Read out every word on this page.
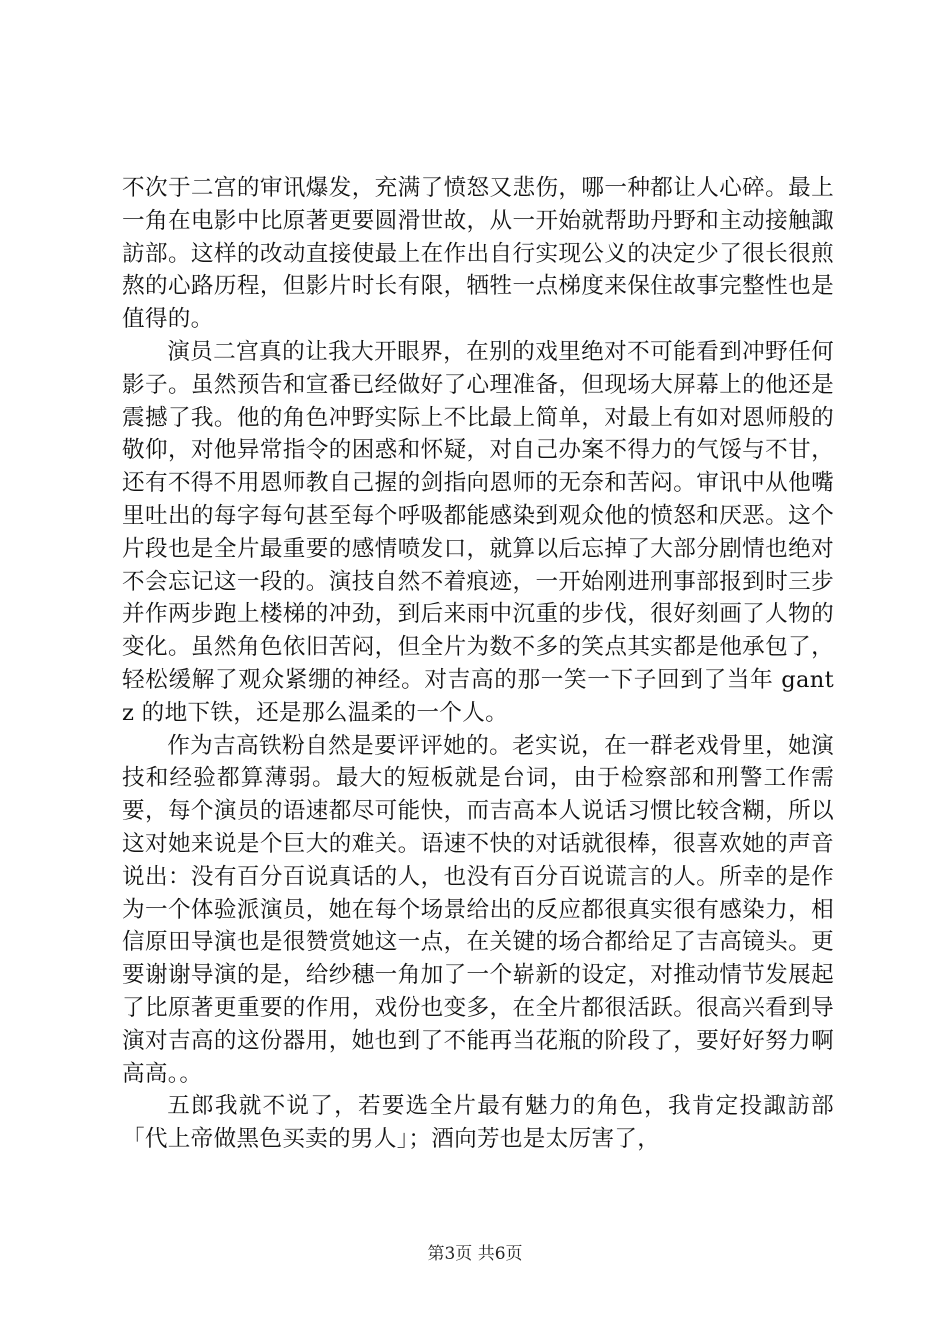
不次于二宫的审讯爆发，充满了愤怒又悲伤，哪一种都让人心碎。最上一角在电影中比原著更要圆滑世故，从一开始就帮助丹野和主动接触諏訪部。这样的改动直接使最上在作出自行实现公义的决定少了很长很煎熬的心路历程，但影片时长有限，牺牲一点梯度来保住故事完整性也是值得的。

演员二宫真的让我大开眼界，在别的戏里绝对不可能看到冲野任何影子。虽然预告和宣番已经做好了心理准备，但现场大屏幕上的他还是震撼了我。他的角色冲野实际上不比最上简单，对最上有如对恩师般的敬仰，对他异常指令的困惑和怀疑，对自己办案不得力的气馁与不甘，还有不得不用恩师教自己握的剑指向恩师的无奈和苦闷。审讯中从他嘴里吐出的每字每句甚至每个呼吸都能感染到观众他的愤怒和厌恶。这个片段也是全片最重要的感情喷发口，就算以后忘掉了大部分剧情也绝对不会忘记这一段的。演技自然不着痕迹，一开始刚进刑事部报到时三步并作两步跑上楼梯的冲劲，到后来雨中沉重的步伐，很好刻画了人物的变化。虽然角色依旧苦闷，但全片为数不多的笑点其实都是他承包了，轻松缓解了观众紧绷的神经。对吉高的那一笑一下子回到了当年 gantz 的地下铁，还是那么温柔的一个人。

作为吉高铁粉自然是要评评她的。老实说，在一群老戏骨里，她演技和经验都算薄弱。最大的短板就是台词，由于检察部和刑警工作需要，每个演员的语速都尽可能快，而吉高本人说话习惯比较含糊，所以这对她来说是个巨大的难关。语速不快的对话就很棒，很喜欢她的声音说出：没有百分百说真话的人，也没有百分百说谎言的人。所幸的是作为一个体验派演员，她在每个场景给出的反应都很真实很有感染力，相信原田导演也是很赞赏她这一点，在关键的场合都给足了吉高镜头。更要谢谢导演的是，给纱穗一角加了一个崭新的设定，对推动情节发展起了比原著更重要的作用，戏份也变多，在全片都很活跃。很高兴看到导演对吉高的这份器用，她也到了不能再当花瓶的阶段了，要好好努力啊高高。。

五郎我就不说了，若要选全片最有魅力的角色，我肯定投諏訪部「代上帝做黑色买卖的男人」；酒向芳也是太厉害了，

第3页 共6页
